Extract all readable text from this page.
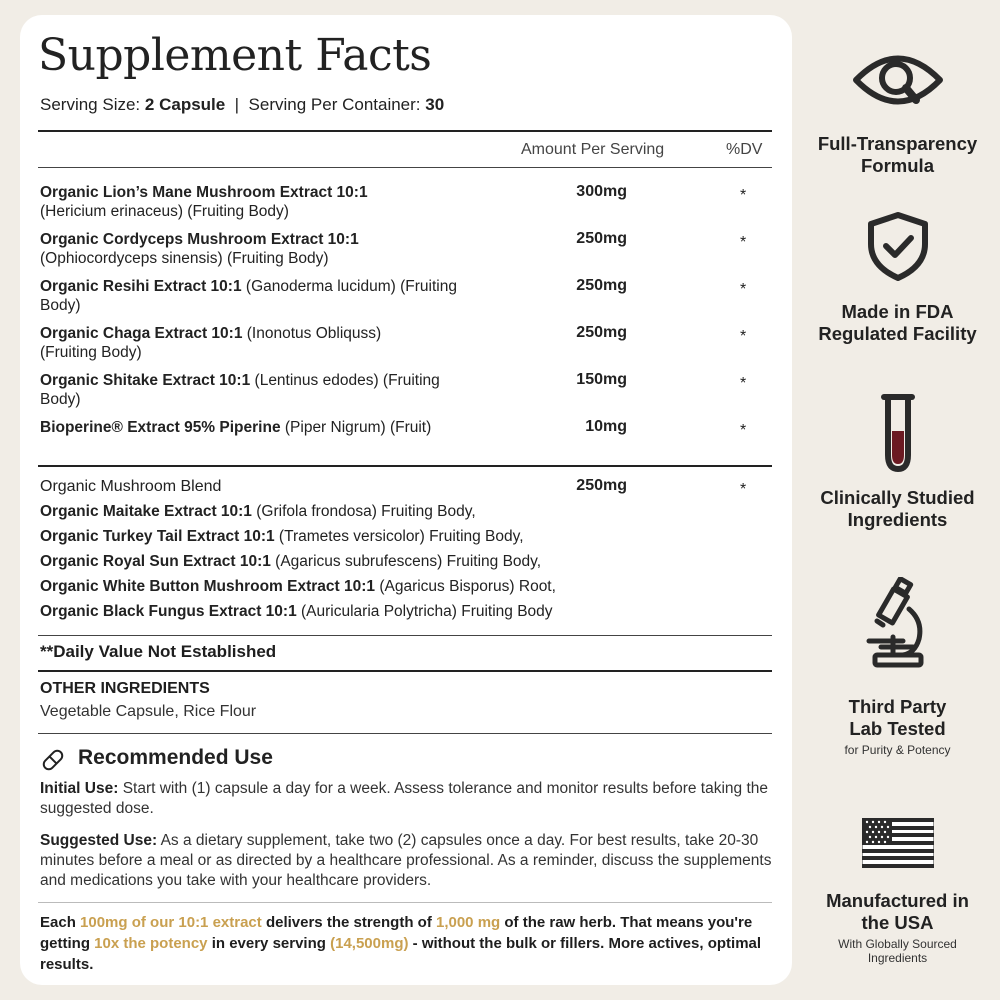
Supplement Facts
Serving Size: 2 Capsule | Serving Per Container: 30
Amount Per Serving	%DV
Organic Lion’s Mane Mushroom Extract 10:1
(Hericium erinaceus) (Fruiting Body)
300mg	*
Organic Cordyceps Mushroom Extract 10:1
(Ophiocordyceps sinensis) (Fruiting Body)
250mg	*
Organic Resihi Extract 10:1 (Ganoderma lucidum) (Fruiting Body)
250mg	*
Organic Chaga Extract 10:1 (Inonotus Obliquss) (Fruiting Body)
250mg	*
Organic Shitake Extract 10:1 (Lentinus edodes) (Fruiting Body)
150mg	*
Bioperine® Extract 95% Piperine (Piper Nigrum) (Fruit)	10mg	*
Organic Mushroom Blend	250mg	*
Organic Maitake Extract 10:1 (Grifola frondosa) Fruiting Body,
Organic Turkey Tail Extract 10:1 (Trametes versicolor) Fruiting Body,
Organic Royal Sun Extract 10:1 (Agaricus subrufescens) Fruiting Body,
Organic White Button Mushroom Extract 10:1 (Agaricus Bisporus) Root,
Organic Black Fungus Extract 10:1 (Auricularia Polytricha) Fruiting Body
**Daily Value Not Established
OTHER INGREDIENTS
Vegetable Capsule, Rice Flour
Recommended Use
Initial Use: Start with (1) capsule a day for a week. Assess tolerance and monitor results before taking the suggested dose.
Suggested Use: As a dietary supplement, take two (2) capsules once a day. For best results, take 20-30 minutes before a meal or as directed by a healthcare professional. As a reminder, discuss the supplements and medications you take with your healthcare providers.
Each 100mg of our 10:1 extract delivers the strength of 1,000 mg of the raw herb. That means you're getting 10x the potency in every serving (14,500mg) - without the bulk or fillers. More actives, optimal results.
Full-Transparency
Formula
Made in FDA
Regulated Facility
Clinically Studied
Ingredients
Third Party
Lab Tested
for Purity & Potency
Manufactured in
the USA
With Globally Sourced
Ingredients
